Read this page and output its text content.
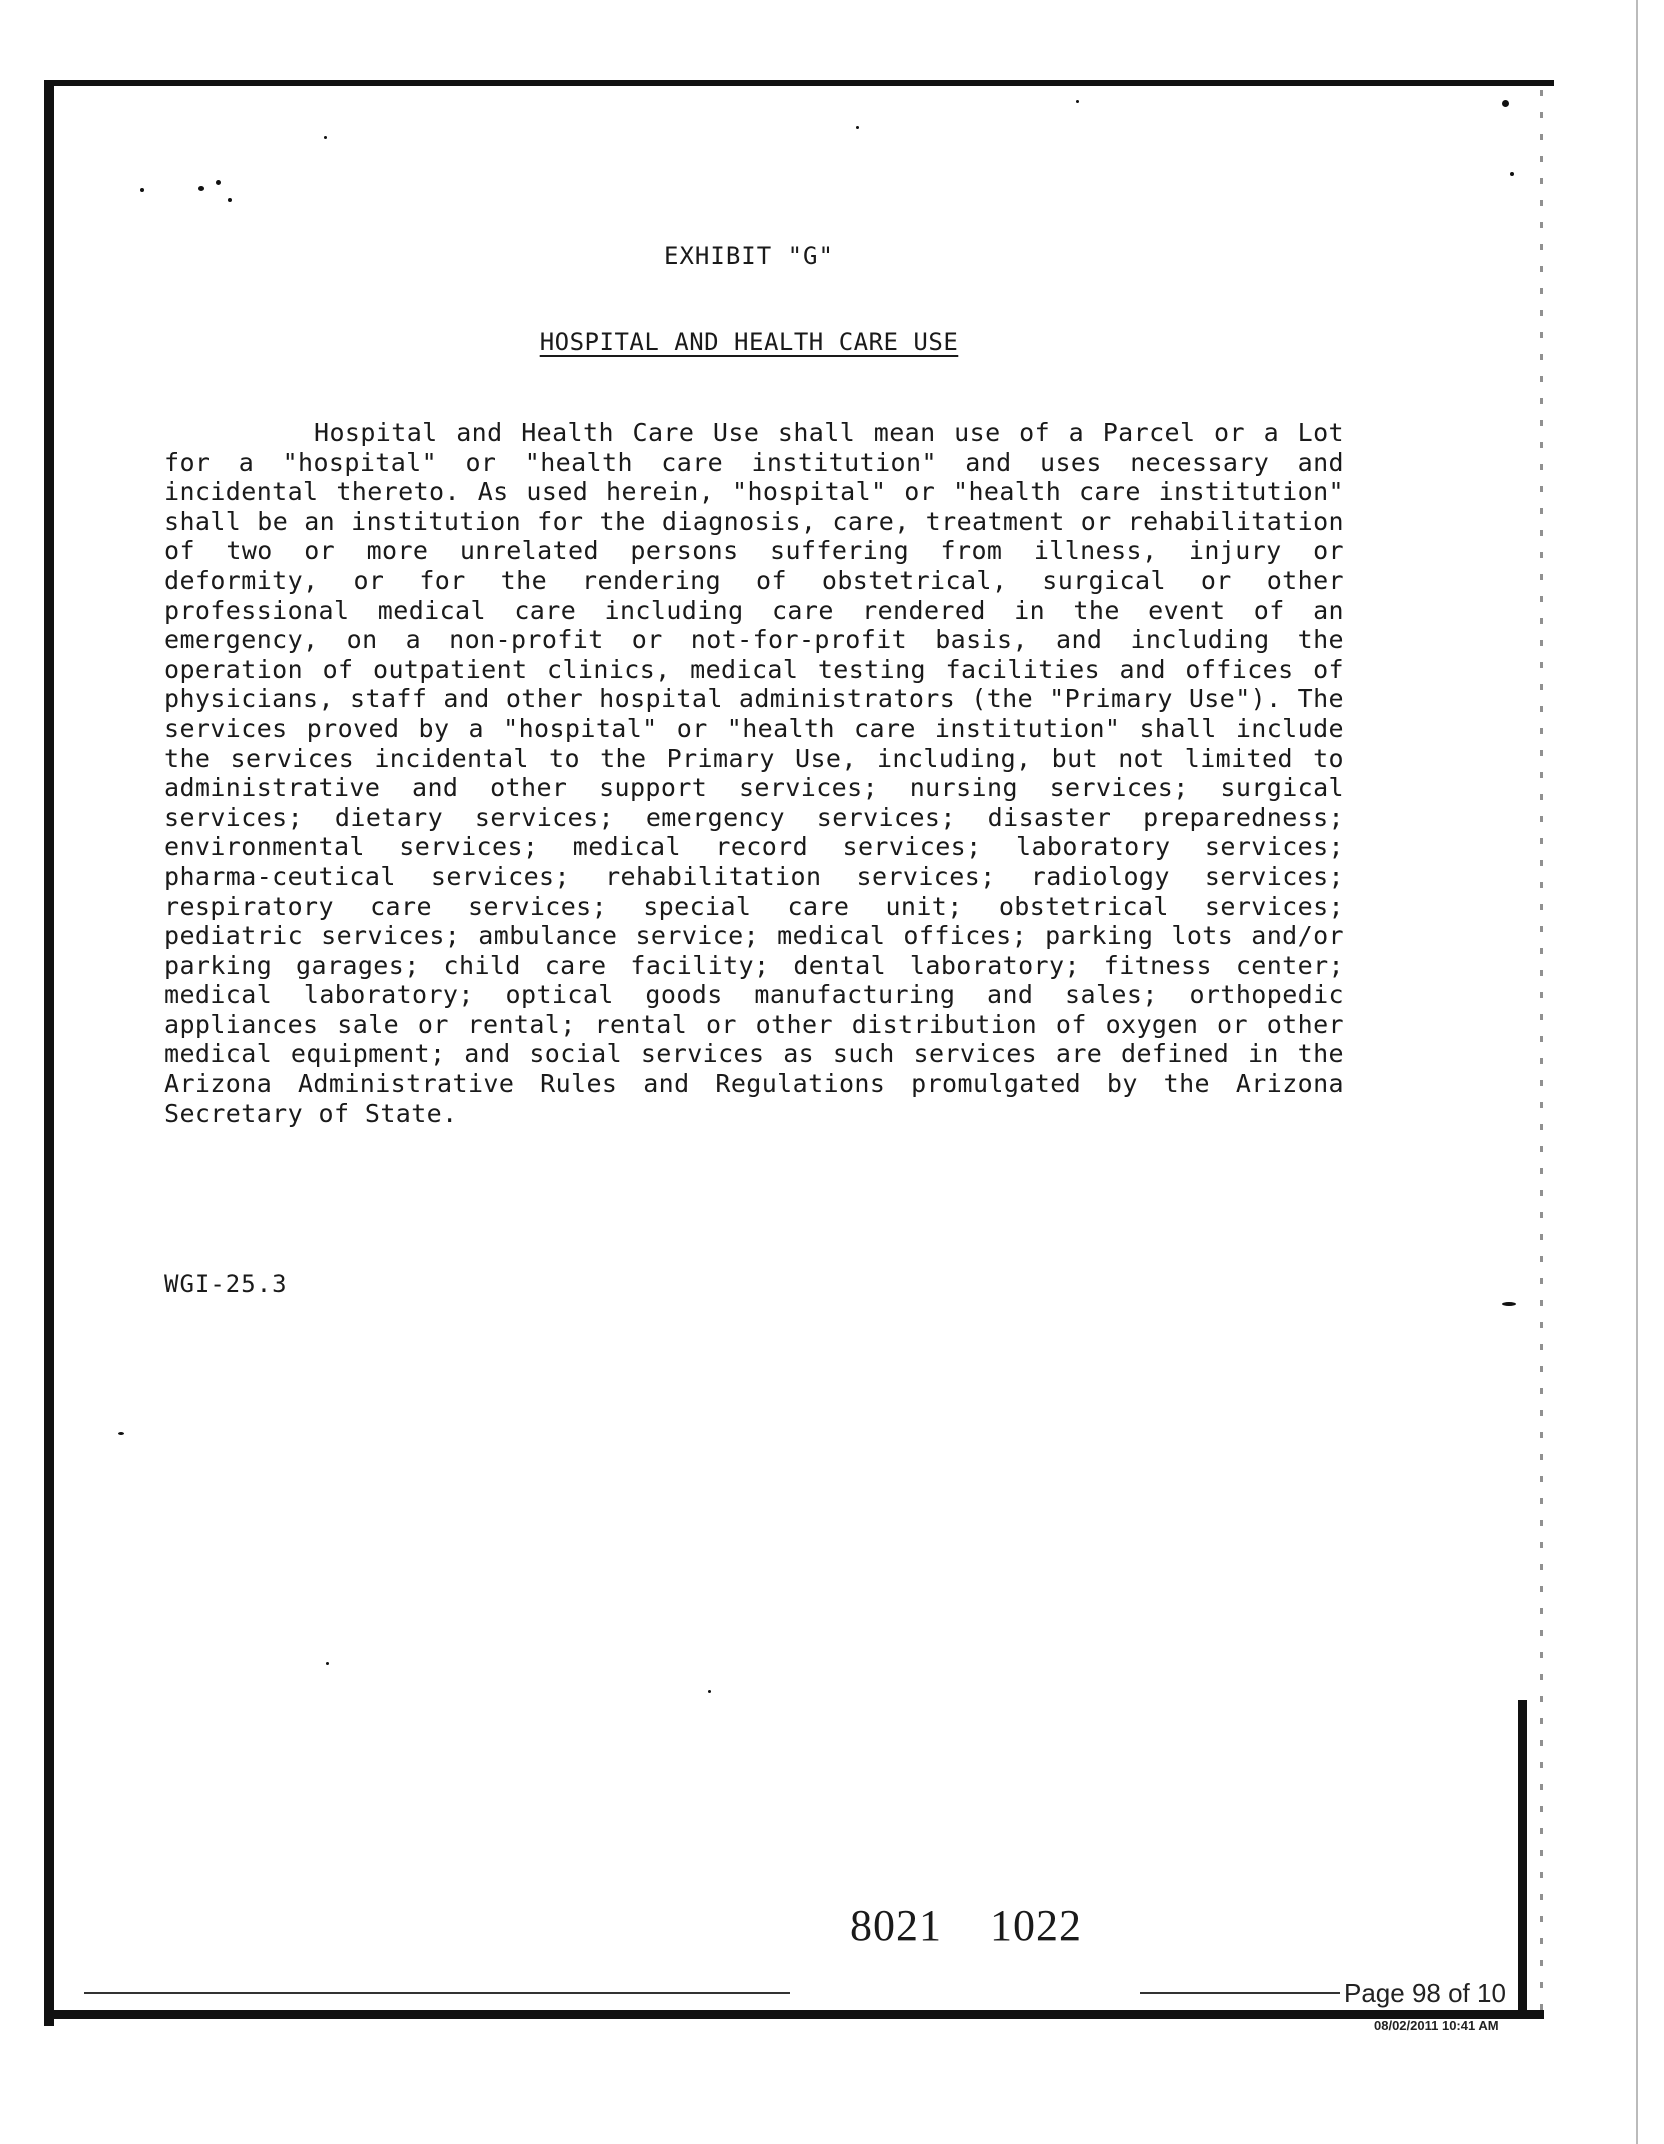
EXHIBIT "G"
HOSPITAL AND HEALTH CARE USE

Hospital and Health Care Use shall mean use of a Parcel or a Lot for a "hospital" or "health care institution" and uses necessary and incidental thereto. As used herein, "hospital" or "health care institution" shall be an institution for the diagnosis, care, treatment or rehabilitation of two or more unrelated persons suffering from illness, injury or deformity, or for the rendering of obstetrical, surgical or other professional medical care including care rendered in the event of an emergency, on a non-profit or not-for-profit basis, and including the operation of outpatient clinics, medical testing facilities and offices of physicians, staff and other hospital administrators (the "Primary Use"). The services proved by a "hospital" or "health care institution" shall include the services incidental to the Primary Use, including, but not limited to administrative and other support services; nursing services; surgical services; dietary services; emergency services; disaster preparedness; environmental services; medical record services; laboratory services; pharma-ceutical services; rehabilitation services; radiology services; respiratory care services; special care unit; obstetrical services; pediatric services; ambulance service; medical offices; parking lots and/or parking garages; child care facility; dental laboratory; fitness center; medical laboratory; optical goods manufacturing and sales; orthopedic appliances sale or rental; rental or other distribution of oxygen or other medical equipment; and social services as such services are defined in the Arizona Administrative Rules and Regulations promulgated by the Arizona Secretary of State.

WGI-25.3
8021 1022
Page 98 of 10
08/02/2011 10:41 AM
